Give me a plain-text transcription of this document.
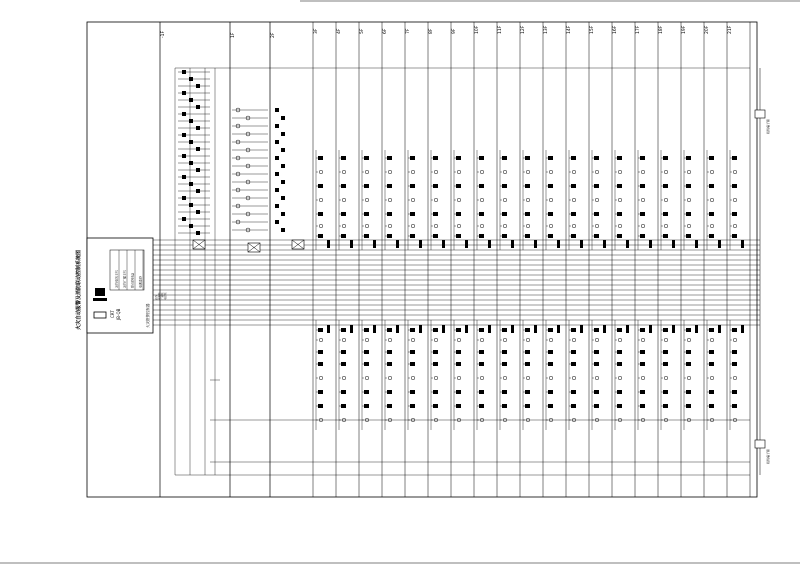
火灾自动报警及消防联动控制系统图	火灾报警控制器
JB-QB
CRT
消防电话主机	消防广播主机	联动控制盘	电源监控
总线 电源线 广播线 电话线
-1F	1F	2F
3F	4F	5F	6F	7F	8F	9F	10F	11F	12F	13F	14F	15F	16F	17F	18F	19F	20F	21F
接线端子箱
接线端子箱
